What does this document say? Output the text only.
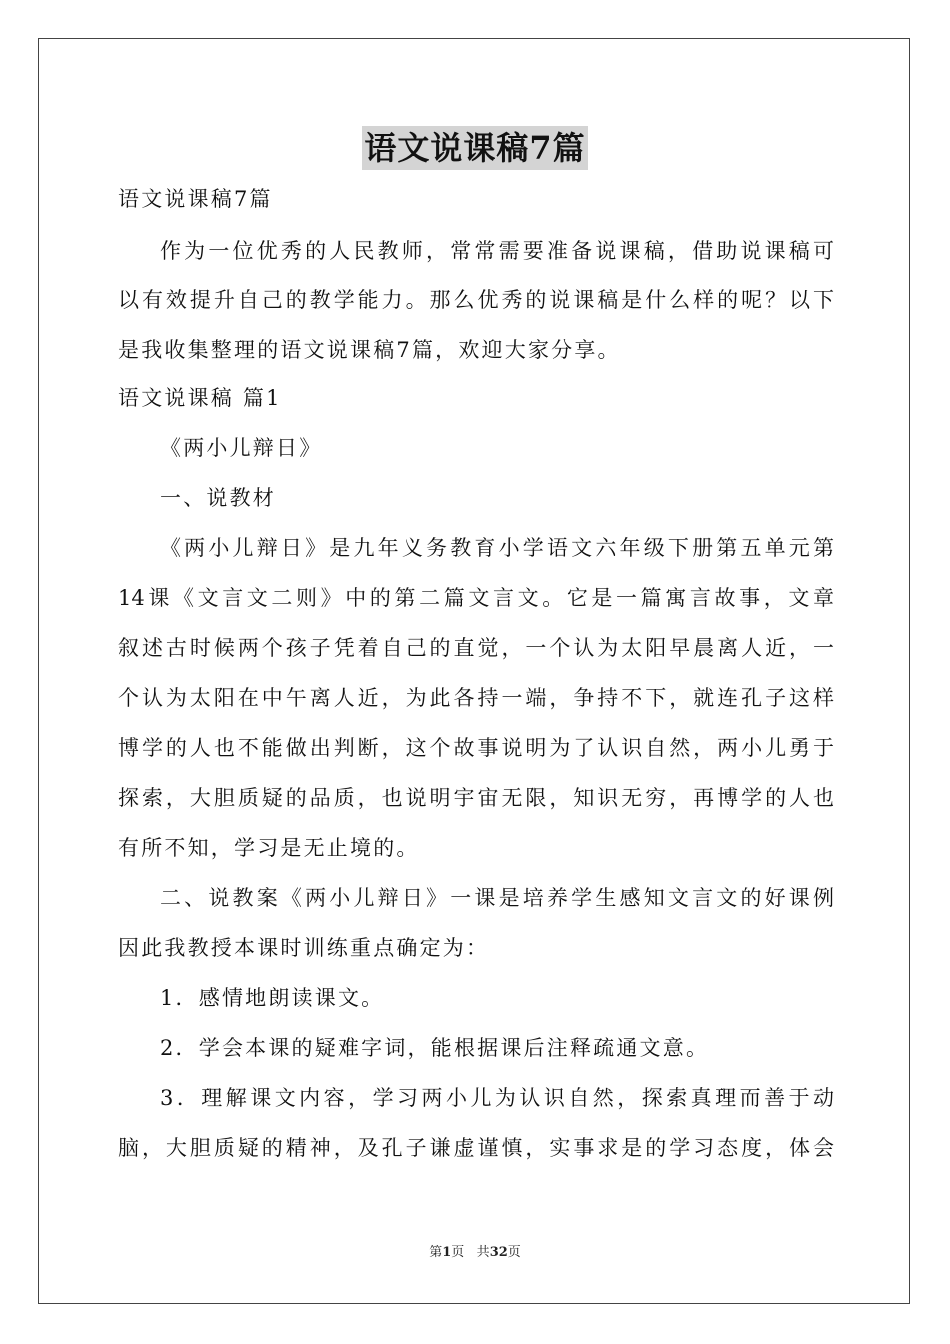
语文说课稿7篇
语文说课稿7篇
作为一位优秀的人民教师，常常需要准备说课稿，借助说课稿可
以有效提升自己的教学能力。那么优秀的说课稿是什么样的呢？以下
是我收集整理的语文说课稿7篇，欢迎大家分享。
语文说课稿 篇1
《两小儿辩日》
一、说教材
《两小儿辩日》是九年义务教育小学语文六年级下册第五单元第
14课《文言文二则》中的第二篇文言文。它是一篇寓言故事，文章
叙述古时候两个孩子凭着自己的直觉，一个认为太阳早晨离人近，一
个认为太阳在中午离人近，为此各持一端，争持不下，就连孔子这样
博学的人也不能做出判断，这个故事说明为了认识自然，两小儿勇于
探索，大胆质疑的品质，也说明宇宙无限，知识无穷，再博学的人也
有所不知，学习是无止境的。
二、说教案《两小儿辩日》一课是培养学生感知文言文的好课例
因此我教授本课时训练重点确定为：
1．感情地朗读课文。
2．学会本课的疑难字词，能根据课后注释疏通文意。
3．理解课文内容，学习两小儿为认识自然，探索真理而善于动
脑，大胆质疑的精神，及孔子谦虚谨慎，实事求是的学习态度，体会
第1页 共32页
